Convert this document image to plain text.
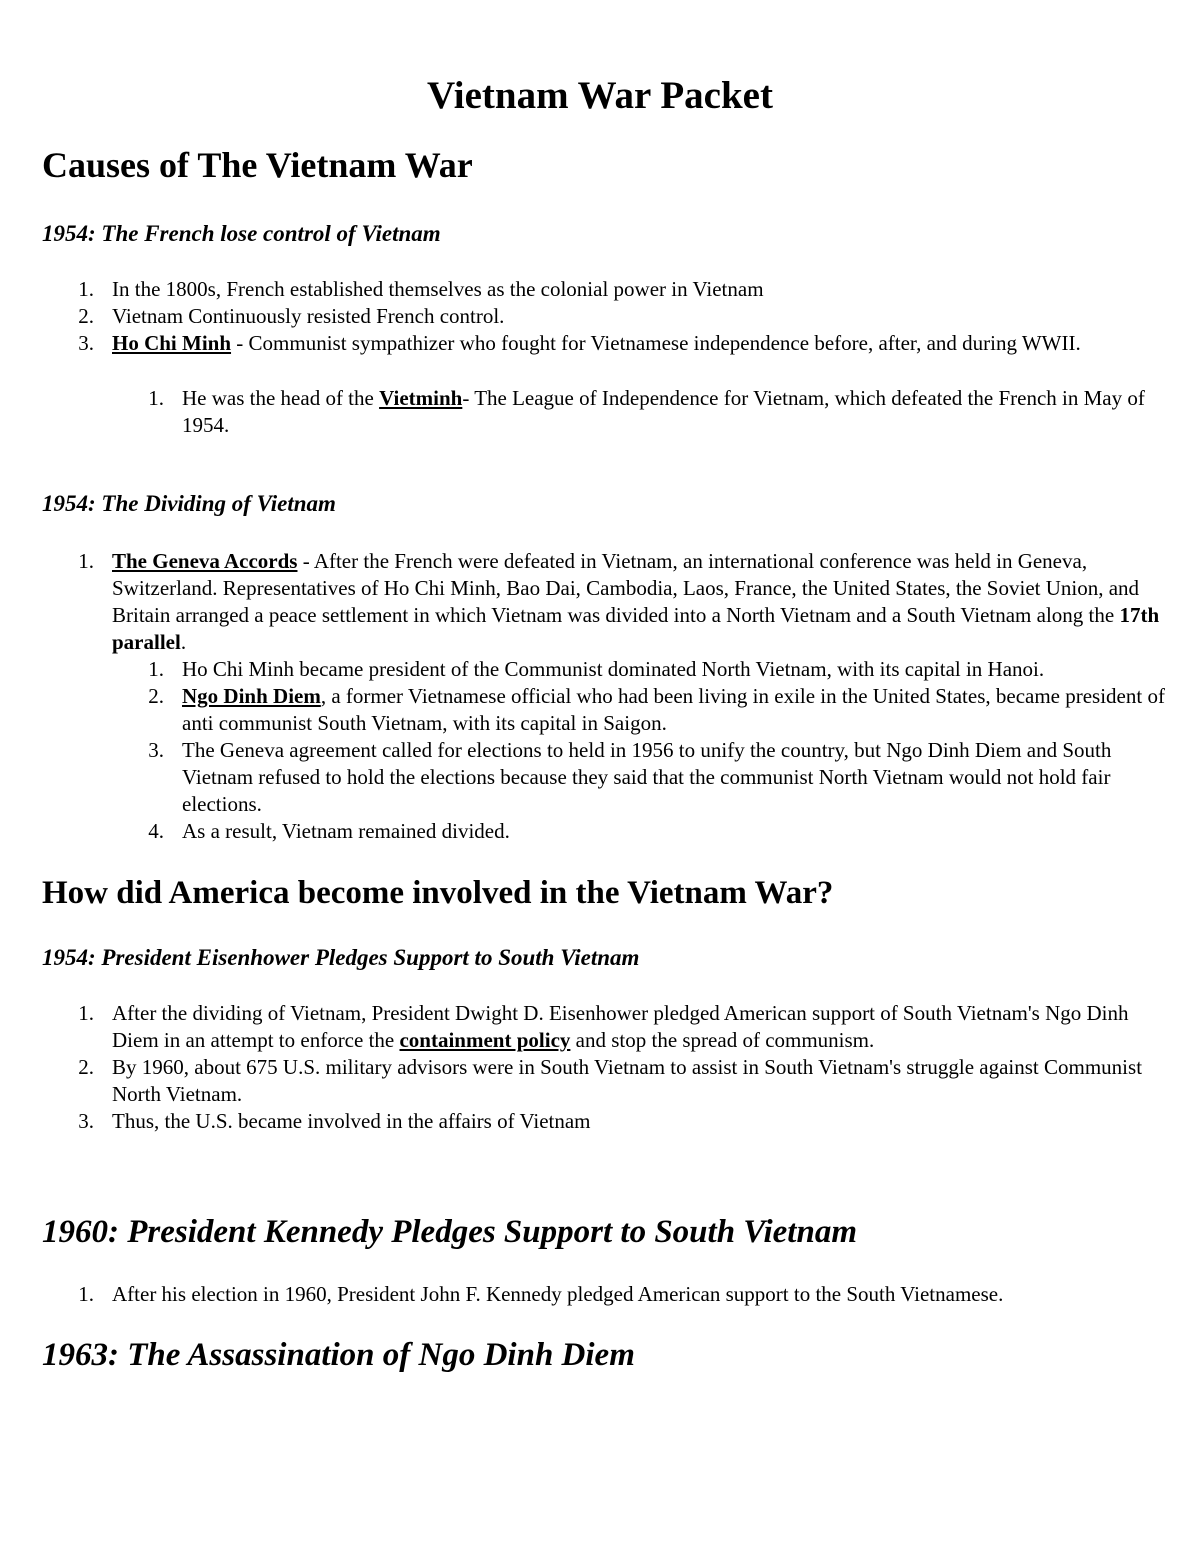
Vietnam War Packet
Causes of The Vietnam War
1954: The French lose control of Vietnam
1. In the 1800s, French established themselves as the colonial power in Vietnam
2. Vietnam Continuously resisted French control.
3. Ho Chi Minh - Communist sympathizer who fought for Vietnamese independence before, after, and during WWII.
1. He was the head of the Vietminh- The League of Independence for Vietnam, which defeated the French in May of 1954.
1954: The Dividing of Vietnam
1. The Geneva Accords - After the French were defeated in Vietnam, an international conference was held in Geneva, Switzerland. Representatives of Ho Chi Minh, Bao Dai, Cambodia, Laos, France, the United States, the Soviet Union, and Britain arranged a peace settlement in which Vietnam was divided into a North Vietnam and a South Vietnam along the 17th parallel.
1. Ho Chi Minh became president of the Communist dominated North Vietnam, with its capital in Hanoi.
2. Ngo Dinh Diem, a former Vietnamese official who had been living in exile in the United States, became president of anti communist South Vietnam, with its capital in Saigon.
3. The Geneva agreement called for elections to held in 1956 to unify the country, but Ngo Dinh Diem and South Vietnam refused to hold the elections because they said that the communist North Vietnam would not hold fair elections.
4. As a result, Vietnam remained divided.
How did America become involved in the Vietnam War?
1954: President Eisenhower Pledges Support to South Vietnam
1. After the dividing of Vietnam, President Dwight D. Eisenhower pledged American support of South Vietnam's Ngo Dinh Diem in an attempt to enforce the containment policy and stop the spread of communism.
2. By 1960, about 675 U.S. military advisors were in South Vietnam to assist in South Vietnam's struggle against Communist North Vietnam.
3. Thus, the U.S. became involved in the affairs of Vietnam
1960: President Kennedy Pledges Support to South Vietnam
1. After his election in 1960, President John F. Kennedy pledged American support to the South Vietnamese.
1963: The Assassination of Ngo Dinh Diem
